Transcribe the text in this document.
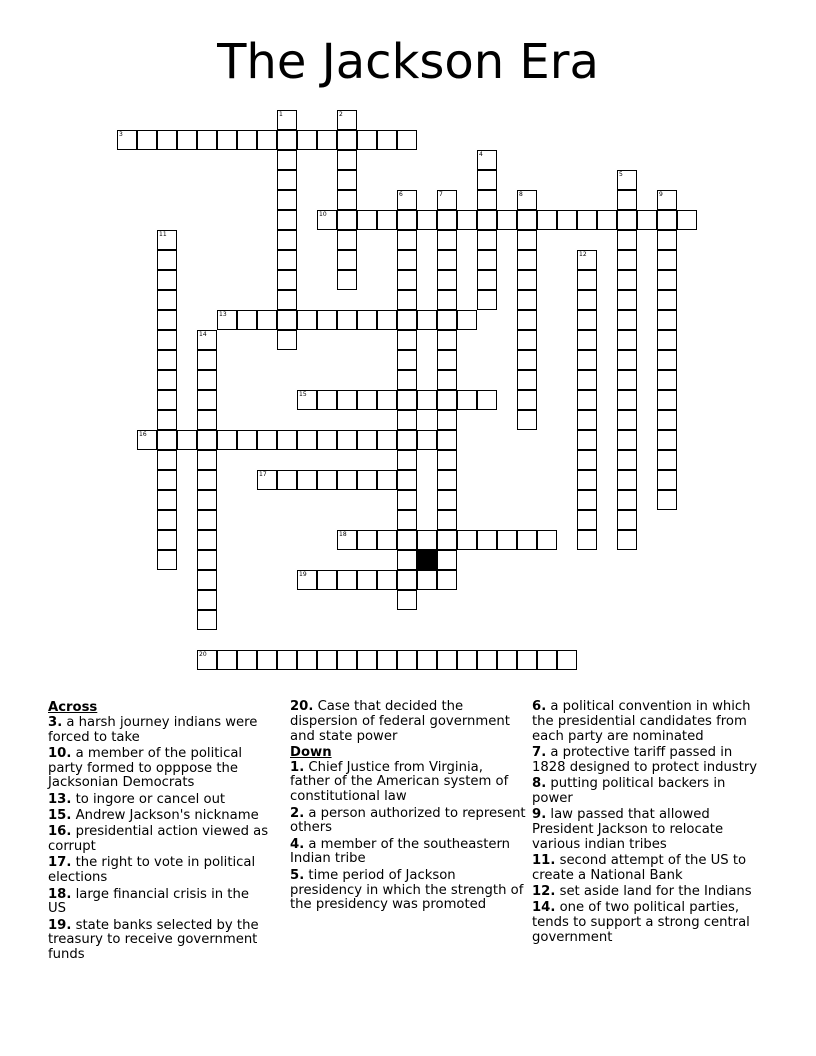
The Jackson Era
1	2
3
4
5
6	7	8	9
10
11
12
13
14
15
16
17
18
19
20
Across
3. a harsh journey indians were forced to take
10. a member of the political party formed to opppose the Jacksonian Democrats
13. to ingore or cancel out
15. Andrew Jackson's nickname
16. presidential action viewed as corrupt
17. the right to vote in political elections
18. large financial crisis in the US
19. state banks selected by the treasury to receive government funds
20. Case that decided the dispersion of federal government and state power
Down
1. Chief Justice from Virginia, father of the American system of constitutional law
2. a person authorized to represent others
4. a member of the southeastern Indian tribe
5. time period of Jackson presidency in which the strength of the presidency was promoted
6. a political convention in which the presidential candidates from each party are nominated
7. a protective tariff passed in 1828 designed to protect industry
8. putting political backers in power
9. law passed that allowed President Jackson to relocate various indian tribes
11. second attempt of the US to create a National Bank
12. set aside land for the Indians
14. one of two political parties, tends to support a strong central government
